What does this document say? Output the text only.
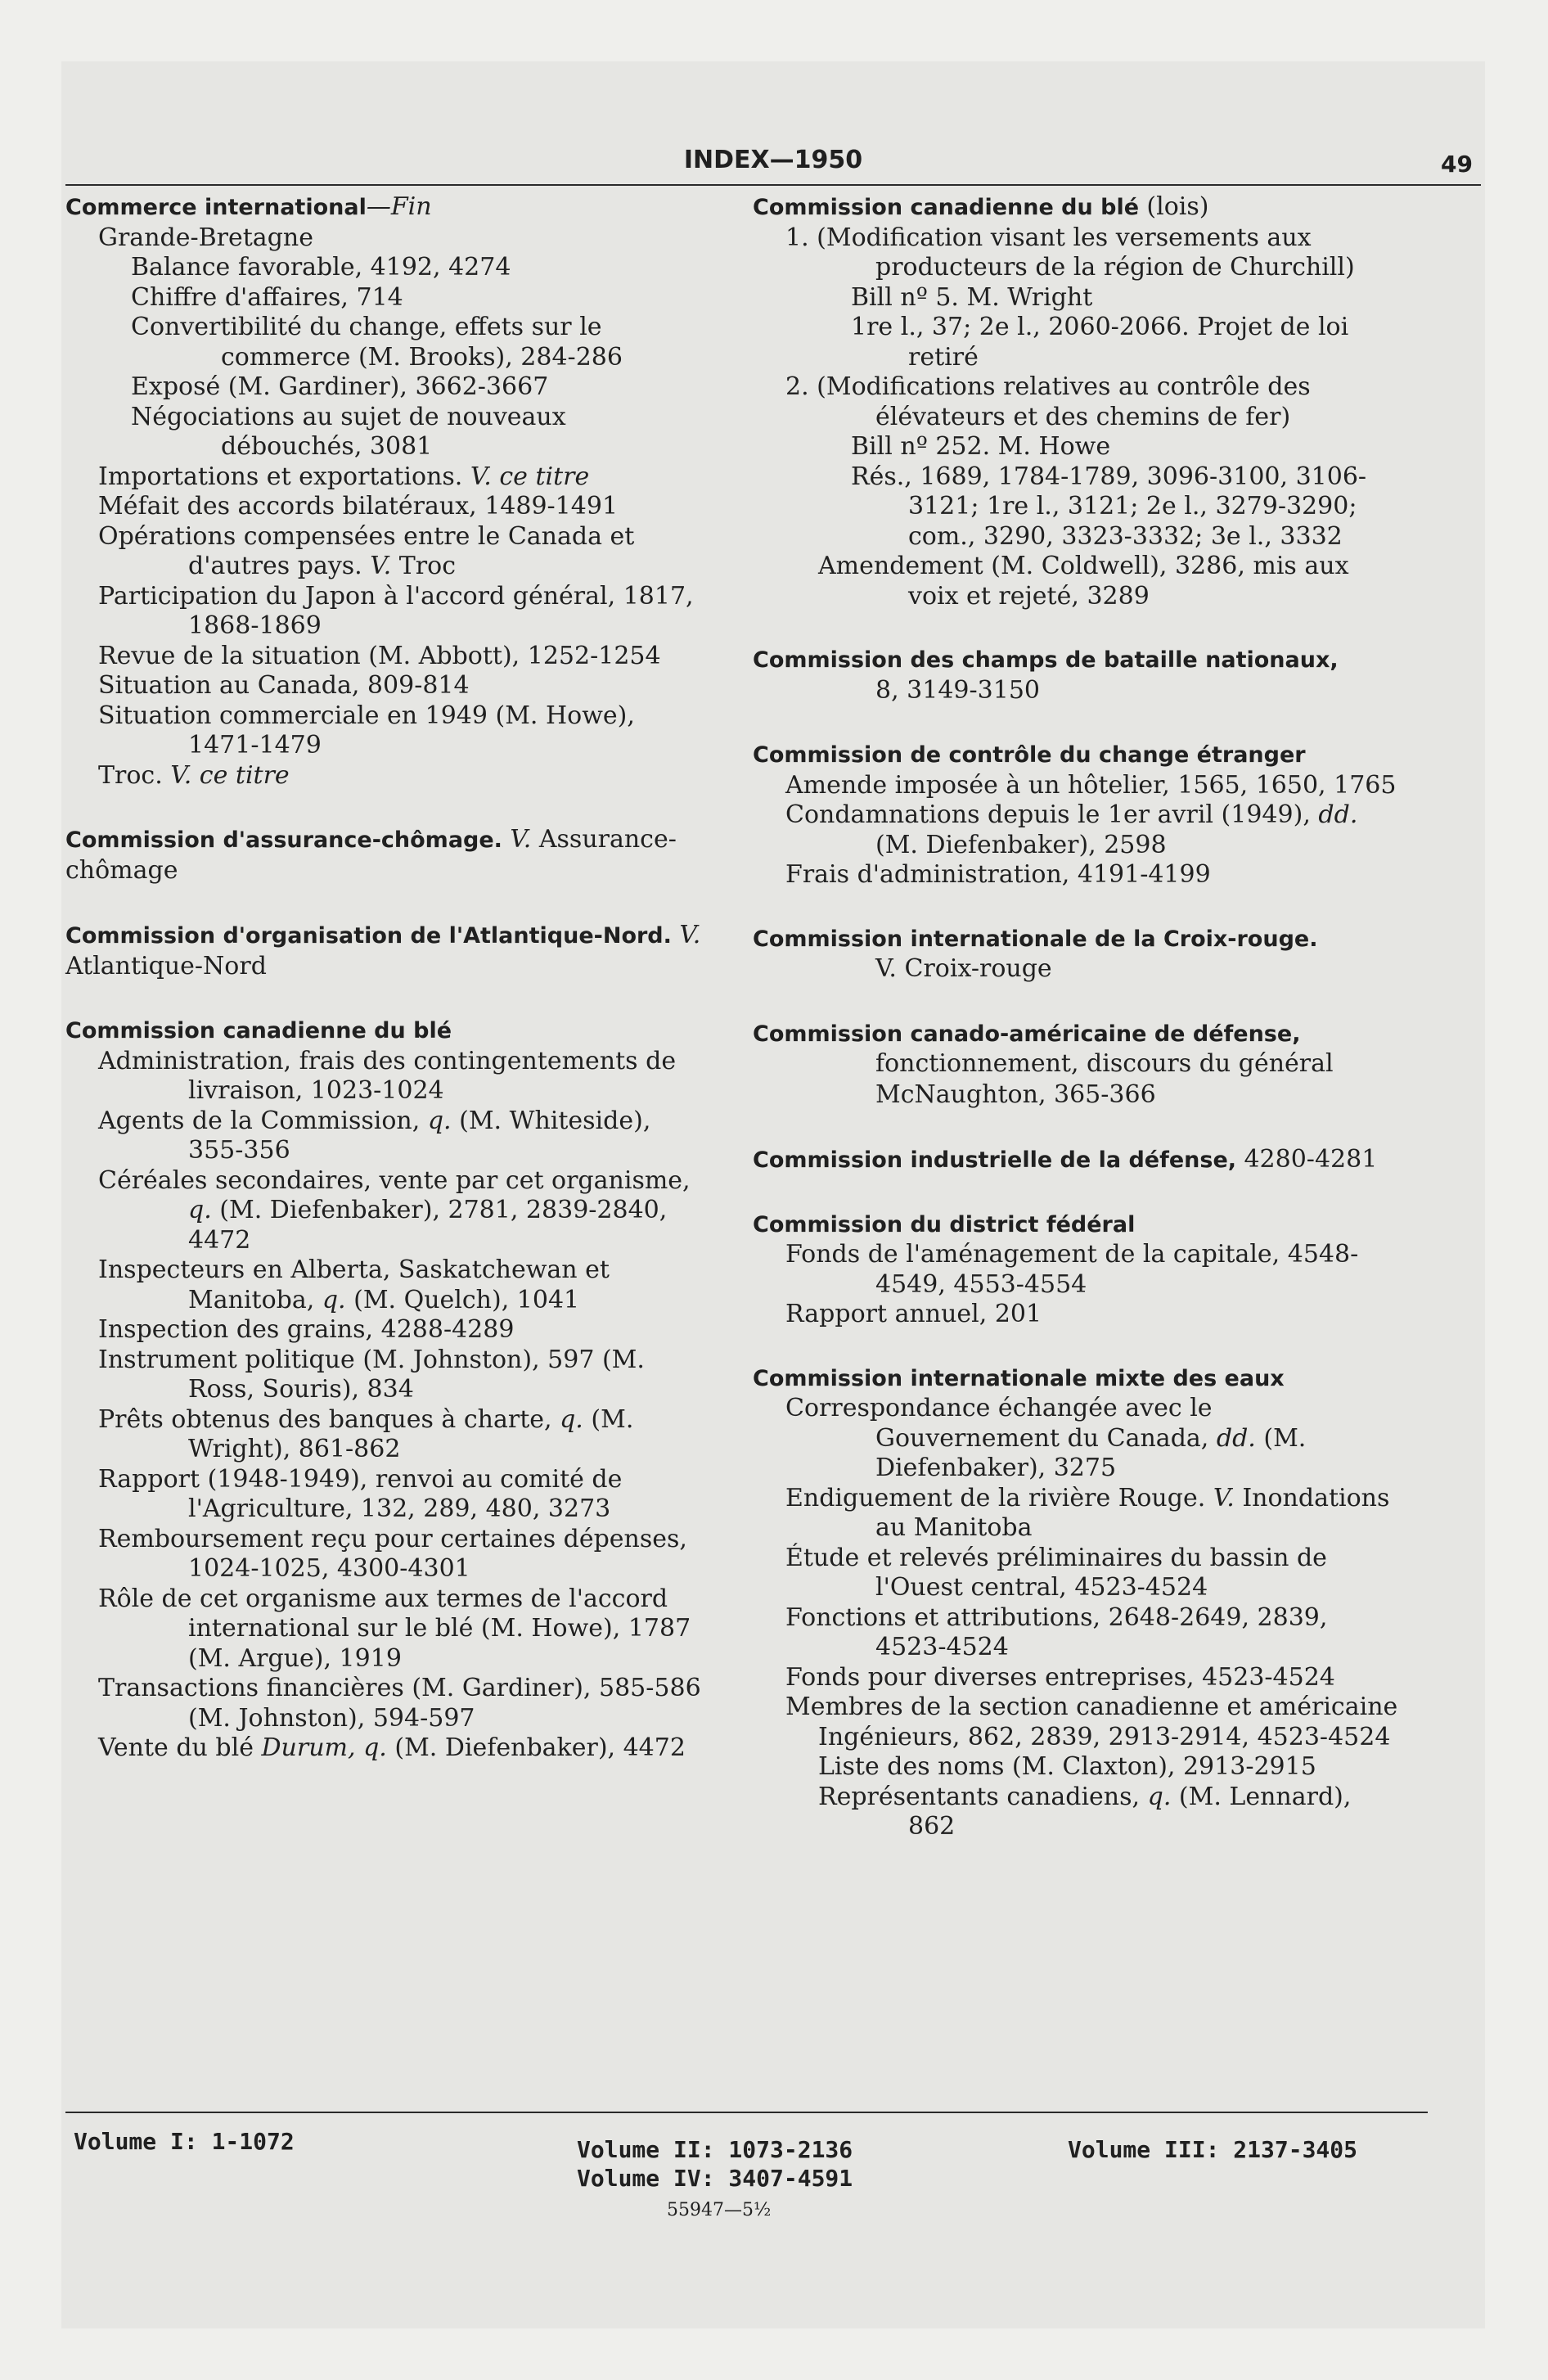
INDEX—1950	49
Commerce international—Fin
Grande-Bretagne
Balance favorable, 4192, 4274
Chiffre d'affaires, 714
Convertibilité du change, effets sur le commerce (M. Brooks), 284-286
Exposé (M. Gardiner), 3662-3667
Négociations au sujet de nouveaux débouchés, 3081
Importations et exportations. V. ce titre
Méfait des accords bilatéraux, 1489-1491
Opérations compensées entre le Canada et d'autres pays. V. Troc
Participation du Japon à l'accord général, 1817, 1868-1869
Revue de la situation (M. Abbott), 1252-1254
Situation au Canada, 809-814
Situation commerciale en 1949 (M. Howe), 1471-1479
Troc. V. ce titre
Commission d'assurance-chômage. V. Assurance-chômage
Commission d'organisation de l'Atlantique-Nord. V. Atlantique-Nord
Commission canadienne du blé
Administration, frais des contingentements de livraison, 1023-1024
Agents de la Commission, q. (M. Whiteside), 355-356
Céréales secondaires, vente par cet organisme, q. (M. Diefenbaker), 2781, 2839-2840, 4472
Inspecteurs en Alberta, Saskatchewan et Manitoba, q. (M. Quelch), 1041
Inspection des grains, 4288-4289
Instrument politique (M. Johnston), 597 (M. Ross, Souris), 834
Prêts obtenus des banques à charte, q. (M. Wright), 861-862
Rapport (1948-1949), renvoi au comité de l'Agriculture, 132, 289, 480, 3273
Remboursement reçu pour certaines dépenses, 1024-1025, 4300-4301
Rôle de cet organisme aux termes de l'accord international sur le blé (M. Howe), 1787 (M. Argue), 1919
Transactions financières (M. Gardiner), 585-586 (M. Johnston), 594-597
Vente du blé Durum, q. (M. Diefenbaker), 4472
Commission canadienne du blé (lois)
1. (Modification visant les versements aux producteurs de la région de Churchill)
Bill nº 5. M. Wright
1re l., 37; 2e l., 2060-2066. Projet de loi retiré
2. (Modifications relatives au contrôle des élévateurs et des chemins de fer)
Bill nº 252. M. Howe
Rés., 1689, 1784-1789, 3096-3100, 3106-3121; 1re l., 3121; 2e l., 3279-3290; com., 3290, 3323-3332; 3e l., 3332
Amendement (M. Coldwell), 3286, mis aux voix et rejeté, 3289
Commission des champs de bataille nationaux,
8, 3149-3150
Commission de contrôle du change étranger
Amende imposée à un hôtelier, 1565, 1650, 1765
Condamnations depuis le 1er avril (1949), dd. (M. Diefenbaker), 2598
Frais d'administration, 4191-4199
Commission internationale de la Croix-rouge.
V. Croix-rouge
Commission canado-américaine de défense, fonctionnement, discours du général McNaughton, 365-366
Commission industrielle de la défense, 4280-4281
Commission du district fédéral
Fonds de l'aménagement de la capitale, 4548-4549, 4553-4554
Rapport annuel, 201
Commission internationale mixte des eaux
Correspondance échangée avec le Gouvernement du Canada, dd. (M. Diefenbaker), 3275
Endiguement de la rivière Rouge. V. Inondations au Manitoba
Étude et relevés préliminaires du bassin de l'Ouest central, 4523-4524
Fonctions et attributions, 2648-2649, 2839, 4523-4524
Fonds pour diverses entreprises, 4523-4524
Membres de la section canadienne et américaine
Ingénieurs, 862, 2839, 2913-2914, 4523-4524
Liste des noms (M. Claxton), 2913-2915
Représentants canadiens, q. (M. Lennard), 862
Volume I: 1-1072	Volume II: 1073-2136
Volume IV: 3407-4591
Volume III: 2137-3405
55947—5½
